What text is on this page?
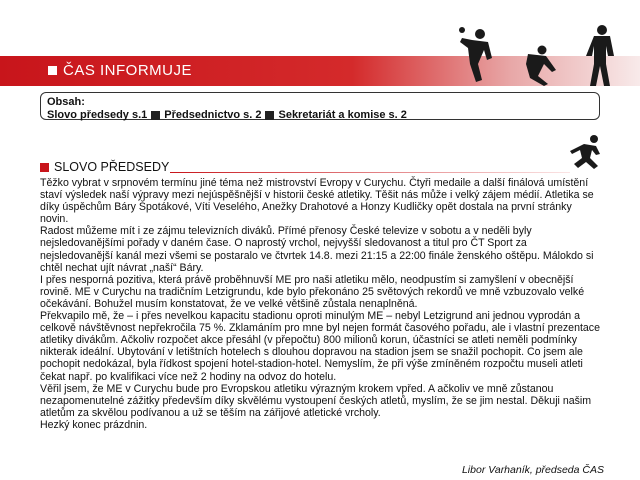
ČAS INFORMUJE
Obsah:
Slovo předsedy s.1 Předsednictvo s. 2 Sekretariát a komise s. 2
SLOVO PŘEDSEDY

Těžko vybrat v srpnovém termínu jiné téma než mistrovství Evropy v Curychu. Čtyři medaile a další finálová umístění staví výsledek naší výpravy mezi nejúspěšnější v historii české atletiky. Těšit nás může i velký zájem médií. Atletika se díky úspěchům Báry Špotákové, Víti Veselého, Anežky Drahotové a Honzy Kudličky opět dostala na první stránky novin.

Radost můžeme mít i ze zájmu televizních diváků. Přímé přenosy České televize v sobotu a v neděli byly nejsledovanějšími pořady v daném čase. O naprostý vrchol, nejvyšší sledovanost a titul pro ČT Sport za nejsledovanější kanál mezi všemi se postaralo ve čtvrtek 14.8. mezi 21:15 a 22:00 finále ženského oštěpu. Málokdo si chtěl nechat ujít návrat „naší“ Báry.

I přes nesporná pozitiva, která právě proběhnuvší ME pro naši atletiku mělo, neodpustím si zamyšlení v obecnější rovině. ME v Curychu na tradičním Letzigrundu, kde bylo překonáno 25 světových rekordů ve mně vzbuzovalo velké očekávání. Bohužel musím konstatovat, že ve velké většině zůstala nenaplněná.

Překvapilo mě, že – i přes nevelkou kapacitu stadionu oproti minulým ME – nebyl Letzigrund ani jednou vyprodán a celkově návštěvnost nepřekročila 75 %. Zklamáním pro mne byl nejen formát časového pořadu, ale i vlastní prezentace atletiky divákům. Ačkoliv rozpočet akce přesáhl (v přepočtu) 800 milionů korun, účastníci se atleti neměli podmínky nikterak ideální. Ubytování v letištních hotelech s dlouhou dopravou na stadion jsem se snažil pochopit. Co jsem ale pochopit nedokázal, byla řídkost spojení hotel-stadion-hotel. Nemyslím, že při výše zmíněném rozpočtu museli atleti čekat např. po kvalifikaci více než 2 hodiny na odvoz do hotelu.

Věřil jsem, že ME v Curychu bude pro Evropskou atletiku výrazným krokem vpřed. A ačkoliv ve mně zůstanou nezapomenutelné zážitky především díky skvělému vystoupení českých atletů, myslím, že se jim nestal. Děkuji našim atletům za skvělou podívanou a už se těším na zářijové atletické vrcholy.

Hezký konec prázdnin.

Libor Varhaník, předseda ČAS
